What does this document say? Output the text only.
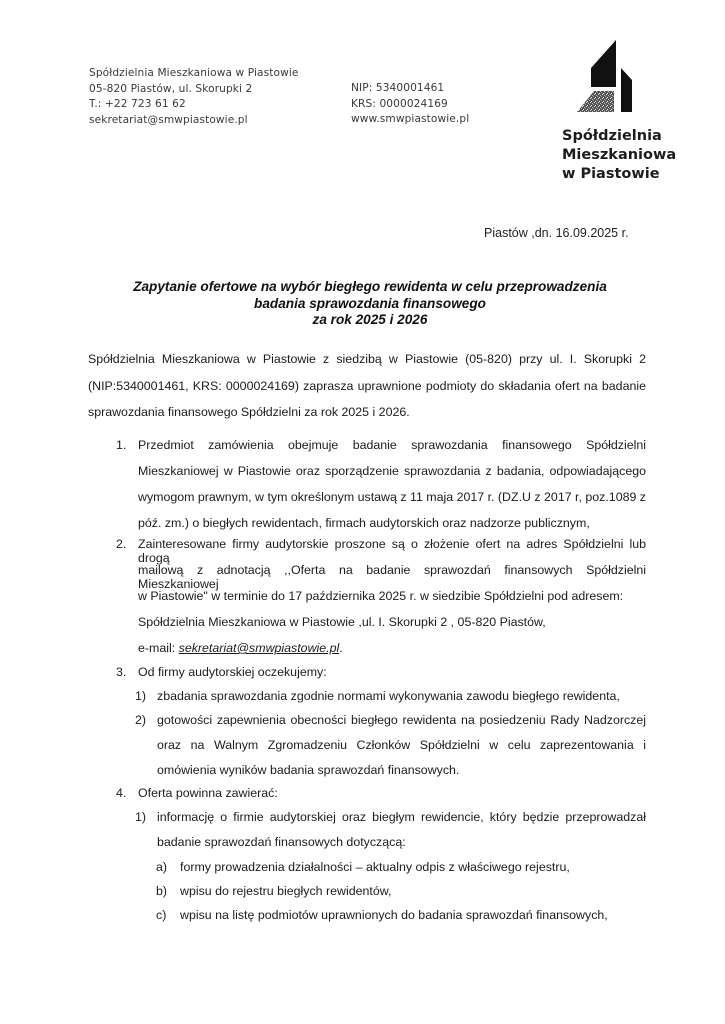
Spółdzielnia Mieszkaniowa w Piastowie
05-820 Piastów, ul. Skorupki 2
T.: +22 723 61 62
sekretariat@smwpiastowie.pl
NIP: 5340001461
KRS: 0000024169
www.smwpiastowie.pl
Spółdzielnia
Mieszkaniowa
w Piastowie
Piastów ,dn. 16.09.2025 r.
Zapytanie ofertowe na wybór biegłego rewidenta w celu przeprowadzenia
badania sprawozdania finansowego
za rok 2025 i 2026
Spółdzielnia Mieszkaniowa w Piastowie z siedzibą w Piastowie (05-820) przy ul. I. Skorupki 2
(NIP:5340001461, KRS: 0000024169) zaprasza uprawnione podmioty do składania ofert na badanie
sprawozdania finansowego Spółdzielni za rok 2025 i 2026.
1. Przedmiot zamówienia obejmuje badanie sprawozdania finansowego Spółdzielni
Mieszkaniowej w Piastowie oraz sporządzenie sprawozdania z badania, odpowiadającego
wymogom prawnym, w tym określonym ustawą z 11 maja 2017 r. (DZ.U z 2017 r, poz.1089 z
póź. zm.) o biegłych rewidentach, firmach audytorskich oraz nadzorze publicznym,
2. Zainteresowane firmy audytorskie proszone są o złożenie ofert na adres Spółdzielni lub drogą
mailową z adnotacją ,,Oferta na badanie sprawozdań finansowych Spółdzielni Mieszkaniowej
w Piastowie" w terminie do 17 października 2025 r. w siedzibie Spółdzielni pod adresem:
Spółdzielnia Mieszkaniowa w Piastowie ,ul. I. Skorupki 2 , 05-820 Piastów,
e-mail: sekretariat@smwpiastowie.pl.
3. Od firmy audytorskiej oczekujemy:
1) zbadania sprawozdania zgodnie normami wykonywania zawodu biegłego rewidenta,
2) gotowości zapewnienia obecności biegłego rewidenta na posiedzeniu Rady Nadzorczej
oraz na Walnym Zgromadzeniu Członków Spółdzielni w celu zaprezentowania i
omówienia wyników badania sprawozdań finansowych.
4. Oferta powinna zawierać:
1) informację o firmie audytorskiej oraz biegłym rewidencie, który będzie przeprowadzał
badanie sprawozdań finansowych dotyczącą:
a) formy prowadzenia działalności – aktualny odpis z właściwego rejestru,
b) wpisu do rejestru biegłych rewidentów,
c) wpisu na listę podmiotów uprawnionych do badania sprawozdań finansowych,
